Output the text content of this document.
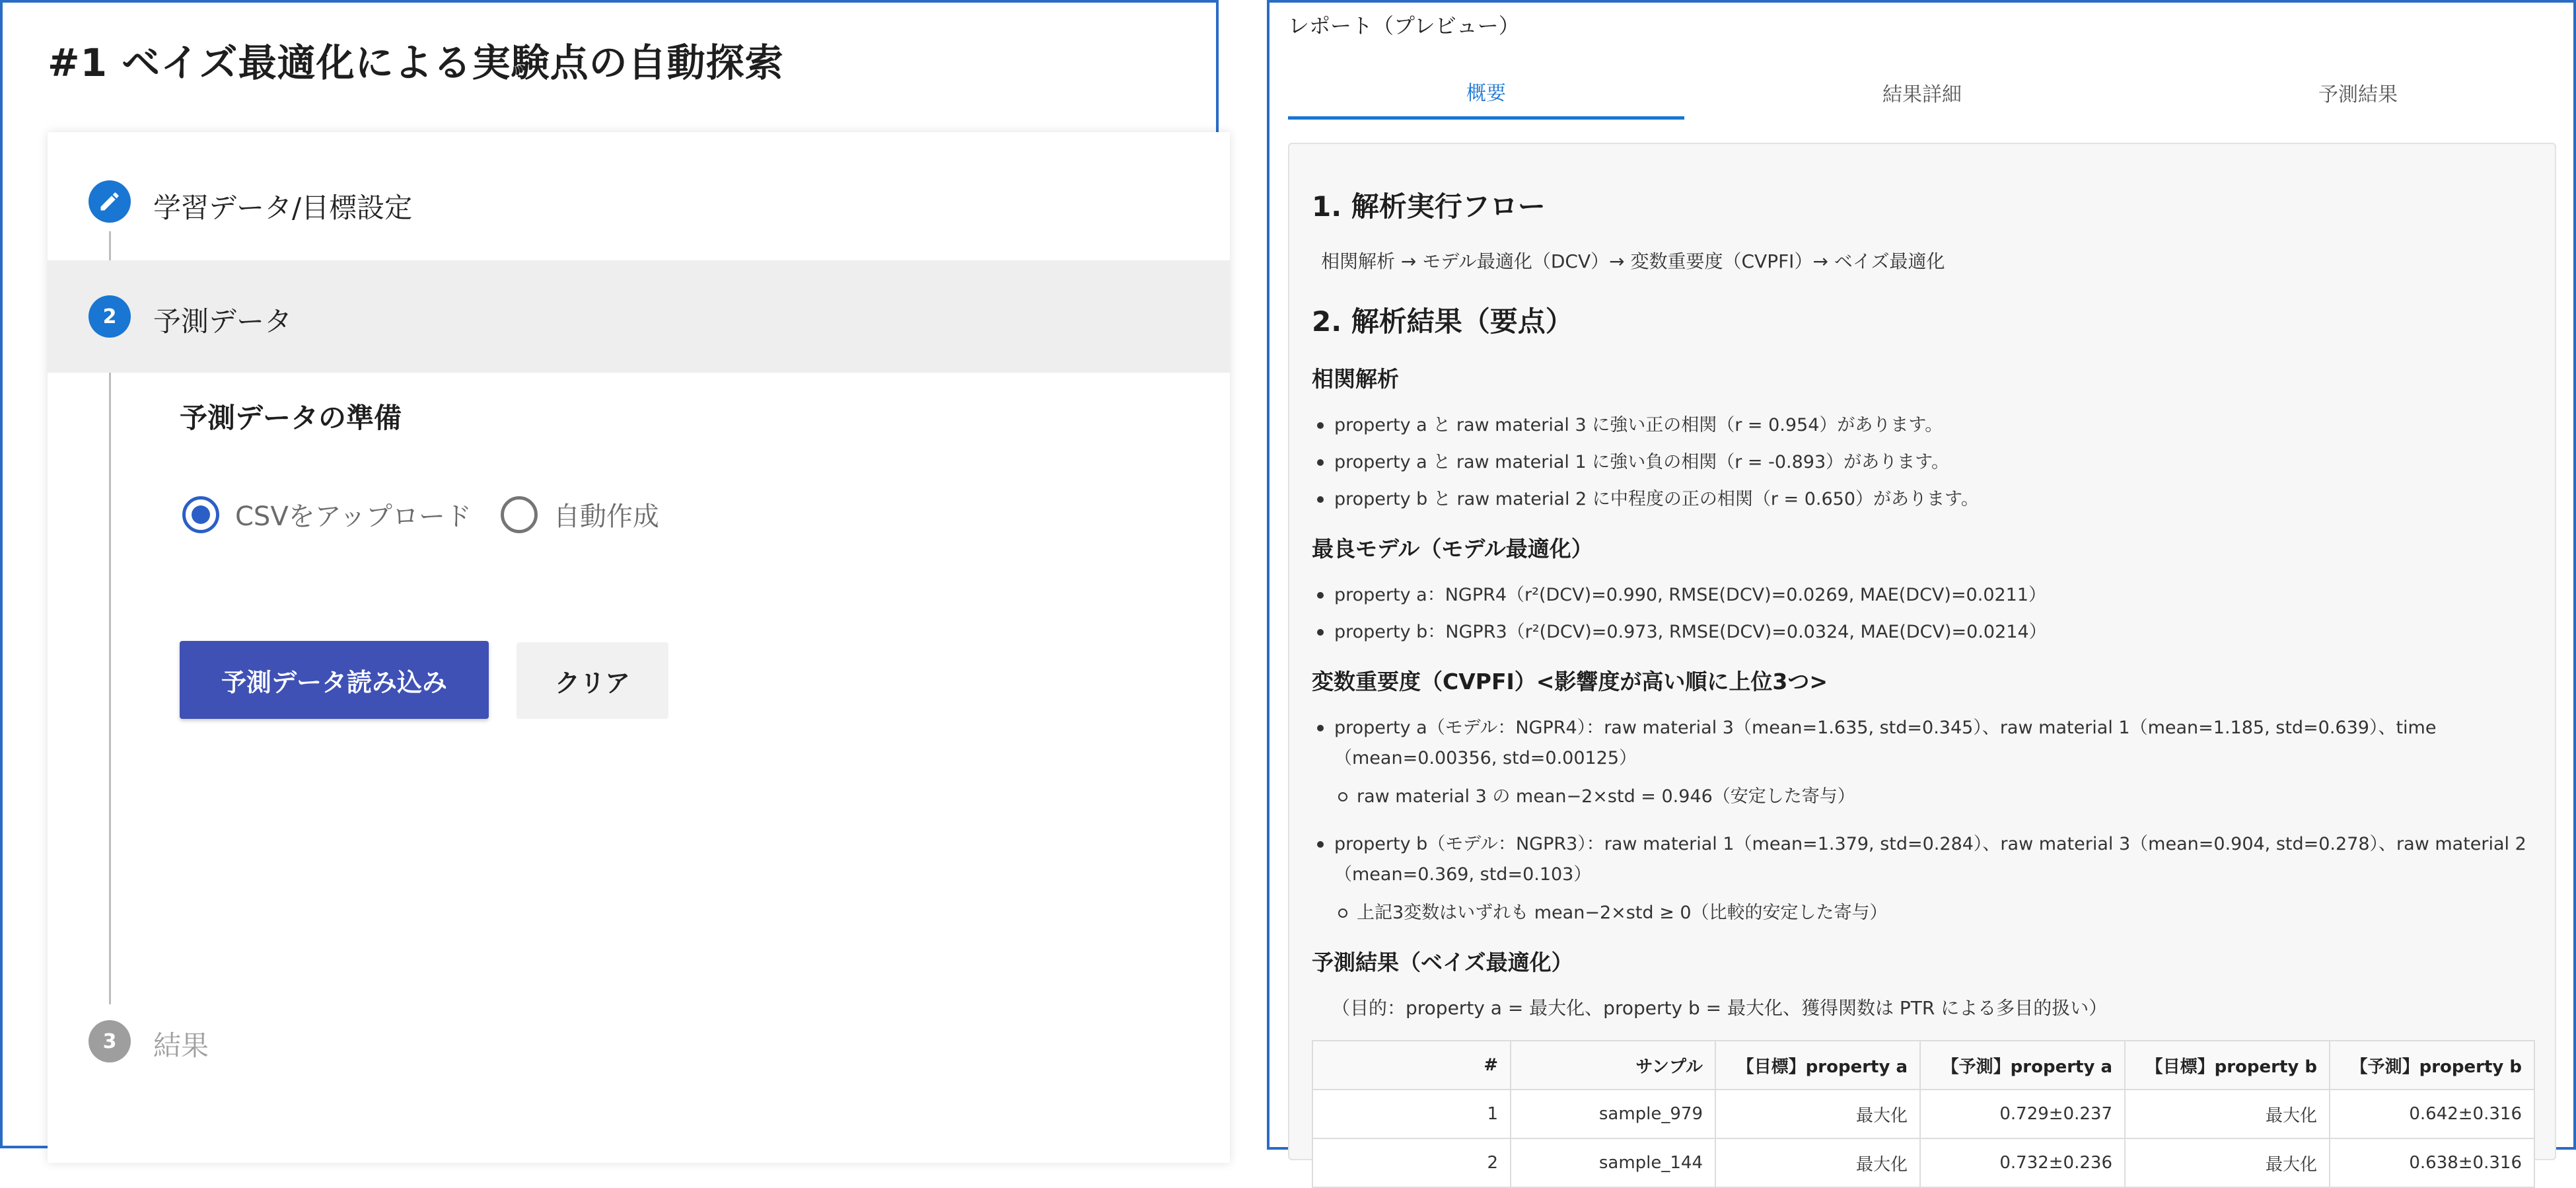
#1 ベイズ最適化による実験点の自動探索
学習データ/目標設定
2	予測データ
予測データの準備
CSVをアップロード	自動作成
予測データ読み込み	クリア
3	結果
レポート（プレビュー）
概要	結果詳細	予測結果
1. 解析実行フロー
相関解析 → モデル最適化（DCV）→ 変数重要度（CVPFI）→ ベイズ最適化
2. 解析結果（要点）
相関解析
property a と raw material 3 に強い正の相関（r = 0.954）があります。
property a と raw material 1 に強い負の相関（r = -0.893）があります。
property b と raw material 2 に中程度の正の相関（r = 0.650）があります。
最良モデル（モデル最適化）
property a：NGPR4（r²(DCV)=0.990, RMSE(DCV)=0.0269, MAE(DCV)=0.0211）
property b：NGPR3（r²(DCV)=0.973, RMSE(DCV)=0.0324, MAE(DCV)=0.0214）
変数重要度（CVPFI）<影響度が高い順に上位3つ>
property a（モデル：NGPR4）：raw material 3（mean=1.635, std=0.345）、raw material 1（mean=1.185, std=0.639）、time（mean=0.00356, std=0.00125）
raw material 3 の mean−2×std = 0.946（安定した寄与）
property b（モデル：NGPR3）：raw material 1（mean=1.379, std=0.284）、raw material 3（mean=0.904, std=0.278）、raw material 2（mean=0.369, std=0.103）
上記3変数はいずれも mean−2×std ≥ 0（比較的安定した寄与）
予測結果（ベイズ最適化）
（目的：property a = 最大化、property b = 最大化、獲得関数は PTR による多目的扱い）
#	サンプル	【目標】property a	【予測】property a	【目標】property b	【予測】property b
1	sample_979	最大化	0.729±0.237	最大化	0.642±0.316
2	sample_144	最大化	0.732±0.236	最大化	0.638±0.316
